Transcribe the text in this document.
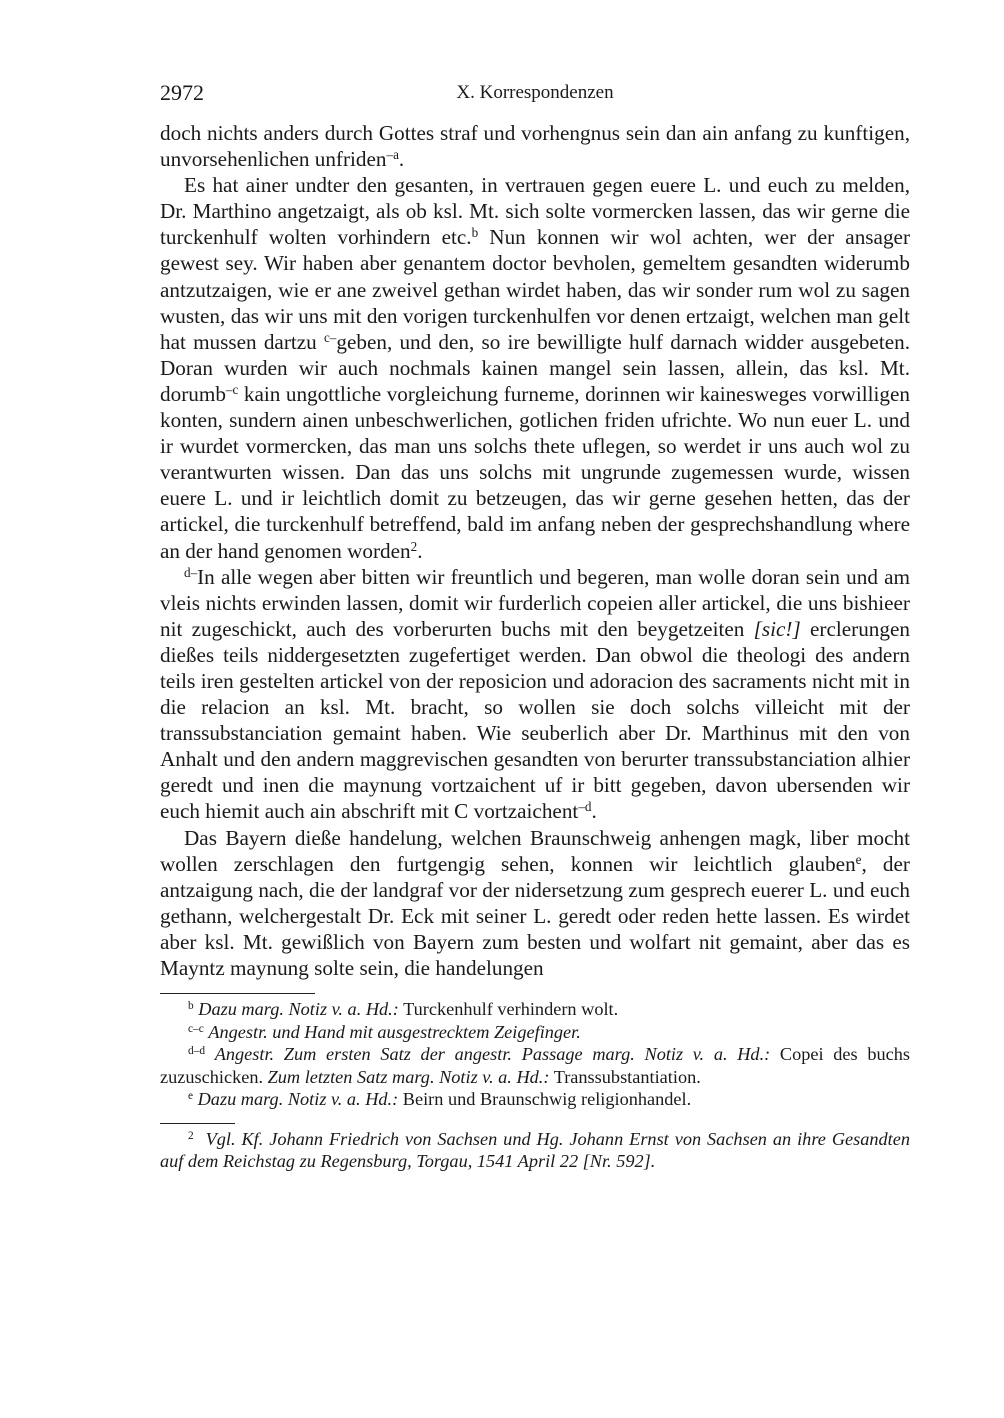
2972	X. Korrespondenzen

doch nichts anders durch Gottes straf und vorhengnus sein dan ain anfang zu kunftigen, unvorsehenlichen unfriden$^{-a}$.

Es hat ainer undter den gesanten, in vertrauen gegen euere L. und euch zu melden, Dr. Marthino angetzaigt, als ob ksl. Mt. sich solte vormercken lassen, das wir gerne die turckenhulf wolten vorhindern etc.$^b$ Nun konnen wir wol achten, wer der ansager gewest sey. Wir haben aber genantem doctor bevholen, gemeltem gesandten widerumb antzutzaigen, wie er ane zweivel gethan wirdet haben, das wir sonder rum wol zu sagen wusten, das wir uns mit den vorigen turckenhulfen vor denen ertzaigt, welchen man gelt hat mussen dartzu $^{c-}$geben, und den, so ire bewilligte hulf darnach widder ausgebeten. Doran wurden wir auch nochmals kainen mangel sein lassen, allein, das ksl. Mt. dorumb$^{-c}$ kain ungottliche vorgleichung furneme, dorinnen wir kainesweges vorwilligen konten, sundern ainen unbeschwerlichen, gotlichen friden ufrichte. Wo nun euer L. und ir wurdet vormercken, das man uns solchs thete uflegen, so werdet ir uns auch wol zu verantwurten wissen. Dan das uns solchs mit ungrunde zugemessen wurde, wissen euere L. und ir leichtlich domit zu betzeugen, das wir gerne gesehen hetten, das der artickel, die turckenhulf betreffend, bald im anfang neben der gesprechshandlung where an der hand genomen worden$^2$.

$^{d-}$In alle wegen aber bitten wir freuntlich und begeren, man wolle doran sein und am vleis nichts erwinden lassen, domit wir furderlich copeien aller artickel, die uns bishieer nit zugeschickt, auch des vorberurten buchs mit den beygetzeiten [sic!] erclerungen dießes teils niddergesetzten zugefertiget werden. Dan obwol die theologi des andern teils iren gestelten artickel von der reposicion und adoracion des sacraments nicht mit in die relacion an ksl. Mt. bracht, so wollen sie doch solchs villeicht mit der transsubstanciation gemaint haben. Wie seuberlich aber Dr. Marthinus mit den von Anhalt und den andern maggrevischen gesandten von berurter transsubstanciation alhier geredt und inen die maynung vortzaichent uf ir bitt gegeben, davon ubersenden wir euch hiemit auch ain abschrift mit C vortzaichent$^{-d}$.

Das Bayern dieße handelung, welchen Braunschweig anhengen magk, liber mocht wollen zerschlagen den furtgengig sehen, konnen wir leichtlich glauben$^e$, der antzaigung nach, die der landgraf vor der nidersetzung zum gesprech euerer L. und euch gethann, welchergestalt Dr. Eck mit seiner L. geredt oder reden hette lassen. Es wirdet aber ksl. Mt. gewißlich von Bayern zum besten und wolfart nit gemaint, aber das es Mayntz maynung solte sein, die handelungen

$^b$ Dazu marg. Notiz v. a. Hd.: Turckenhulf verhindern wolt.

$^{c-c}$ Angestr. und Hand mit ausgestrecktem Zeigefinger.

$^{d-d}$ Angestr. Zum ersten Satz der angestr. Passage marg. Notiz v. a. Hd.: Copei des buchs zuzuschicken. Zum letzten Satz marg. Notiz v. a. Hd.: Transsubstantiation.

$^e$ Dazu marg. Notiz v. a. Hd.: Beirn und Braunschwig religionhandel.

$^2$ Vgl. Kf. Johann Friedrich von Sachsen und Hg. Johann Ernst von Sachsen an ihre Gesandten auf dem Reichstag zu Regensburg, Torgau, 1541 April 22 [Nr. 592].
